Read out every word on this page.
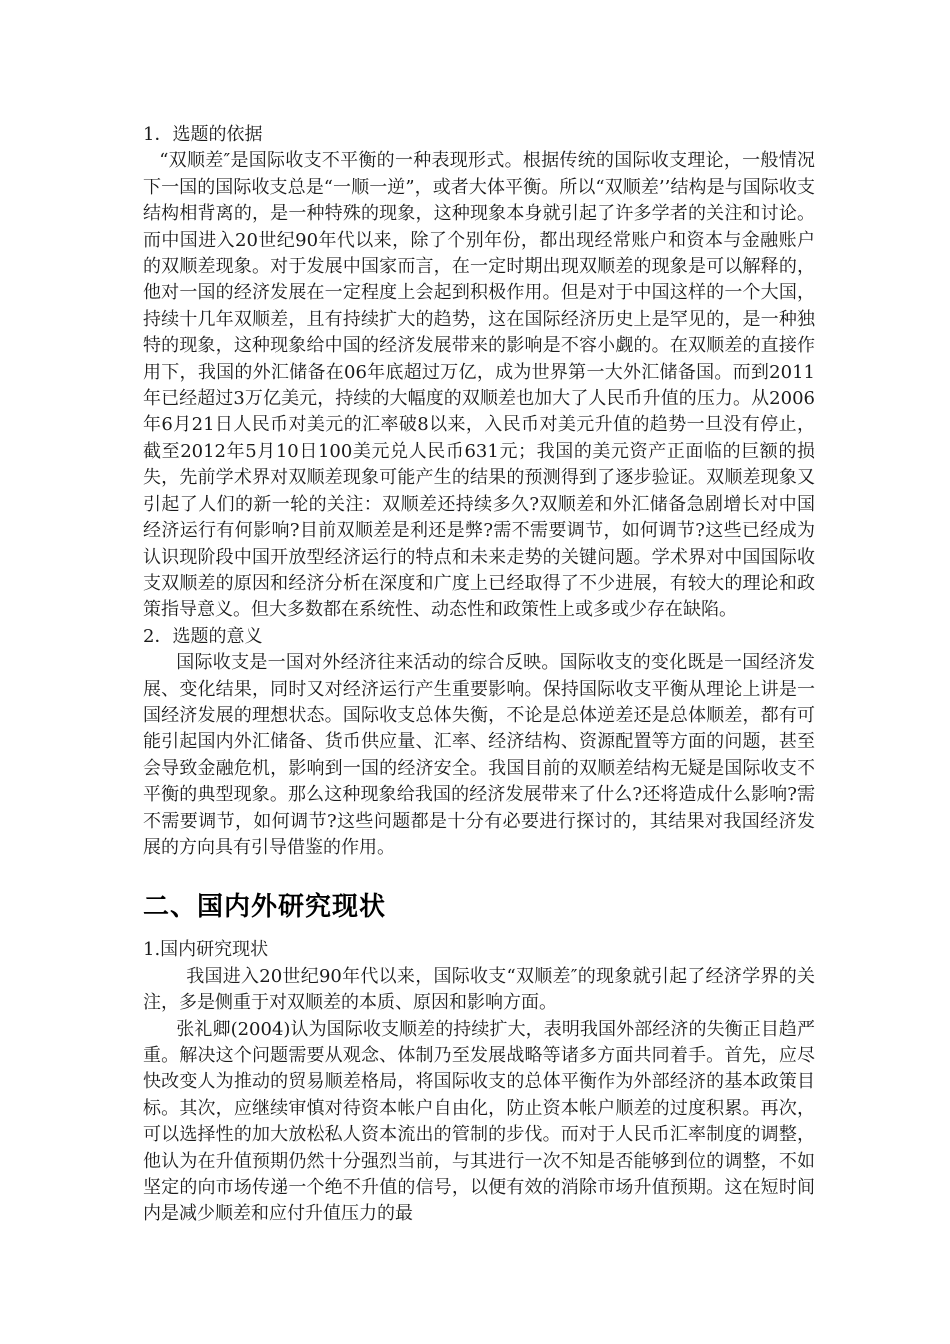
1．选题的依据

“双顺差″是国际收支不平衡的一种表现形式。根据传统的国际收支理论，一般情况下一国的国际收支总是“一顺一逆”，或者大体平衡。所以“双顺差’’结构是与国际收支结构相背离的，是一种特殊的现象，这种现象本身就引起了许多学者的关注和讨论。而中国进入20世纪90年代以来，除了个别年份，都出现经常账户和资本与金融账户的双顺差现象。对于发展中国家而言，在一定时期出现双顺差的现象是可以解释的，他对一国的经济发展在一定程度上会起到积极作用。但是对于中国这样的一个大国，持续十几年双顺差，且有持续扩大的趋势，这在国际经济历史上是罕见的，是一种独特的现象，这种现象给中国的经济发展带来的影响是不容小觑的。在双顺差的直接作用下，我国的外汇储备在06年底超过万亿，成为世界第一大外汇储备国。而到2011年已经超过3万亿美元，持续的大幅度的双顺差也加大了人民币升值的压力。从2006年6月21日人民币对美元的汇率破8以来，入民币对美元升值的趋势一旦没有停止，截至2012年5月10日100美元兑人民币631元；我国的美元资产正面临的巨额的损失，先前学术界对双顺差现象可能产生的结果的预测得到了逐步验证。双顺差现象又引起了人们的新一轮的关注：双顺差还持续多久?双顺差和外汇储备急剧增长对中国经济运行有何影响?目前双顺差是利还是弊?需不需要调节，如何调节?这些已经成为认识现阶段中国开放型经济运行的特点和未来走势的关键问题。学术界对中国国际收支双顺差的原因和经济分析在深度和广度上已经取得了不少进展，有较大的理论和政策指导意义。但大多数都在系统性、动态性和政策性上或多或少存在缺陷。

2．选题的意义

国际收支是一国对外经济往来活动的综合反映。国际收支的变化既是一国经济发展、变化结果，同时又对经济运行产生重要影响。保持国际收支平衡从理论上讲是一国经济发展的理想状态。国际收支总体失衡，不论是总体逆差还是总体顺差，都有可能引起国内外汇储备、货币供应量、汇率、经济结构、资源配置等方面的问题，甚至会导致金融危机，影响到一国的经济安全。我国目前的双顺差结构无疑是国际收支不平衡的典型现象。那么这种现象给我国的经济发展带来了什么?还将造成什么影响?需不需要调节，如何调节?这些问题都是十分有必要进行探讨的，其结果对我国经济发展的方向具有引导借鉴的作用。

二、国内外研究现状

1.国内研究现状

我国进入20世纪90年代以来，国际收支“双顺差″的现象就引起了经济学界的关注，多是侧重于对双顺差的本质、原因和影响方面。

张礼卿(2004)认为国际收支顺差的持续扩大，表明我国外部经济的失衡正目趋严重。解决这个问题需要从观念、体制乃至发展战略等诸多方面共同着手。首先，应尽快改变人为推动的贸易顺差格局，将国际收支的总体平衡作为外部经济的基本政策目标。其次，应继续审慎对待资本帐户自由化，防止资本帐户顺差的过度积累。再次，可以选择性的加大放松私人资本流出的管制的步伐。而对于人民币汇率制度的调整，他认为在升值预期仍然十分强烈当前，与其进行一次不知是否能够到位的调整，不如坚定的向市场传递一个绝不升值的信号，以便有效的消除市场升值预期。这在短时间内是减少顺差和应付升值压力的最
